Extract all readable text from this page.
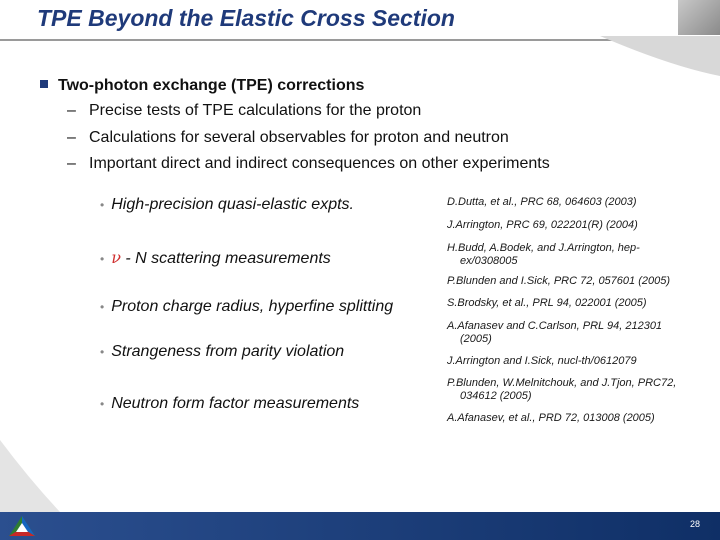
TPE Beyond the Elastic Cross Section
Two-photon exchange (TPE) corrections
– Precise tests of TPE calculations for the proton
– Calculations for several observables for proton and neutron
– Important direct and indirect consequences on other experiments
• High-precision quasi-elastic expts.
• ν - N scattering measurements
• Proton charge radius, hyperfine splitting
• Strangeness from parity violation
• Neutron form factor measurements
D.Dutta, et al., PRC 68, 064603 (2003)
J.Arrington, PRC 69, 022201(R) (2004)
H.Budd, A.Bodek, and J.Arrington, hep-
ex/0308005
P.Blunden and I.Sick, PRC 72, 057601 (2005)
S.Brodsky, et al., PRL 94, 022001 (2005)
A.Afanasev and C.Carlson, PRL 94, 212301
(2005)
J.Arrington and I.Sick, nucl-th/0612079
P.Blunden, W.Melnitchouk, and J.Tjon, PRC72,
034612 (2005)
A.Afanasev, et al., PRD 72, 013008 (2005)
28
